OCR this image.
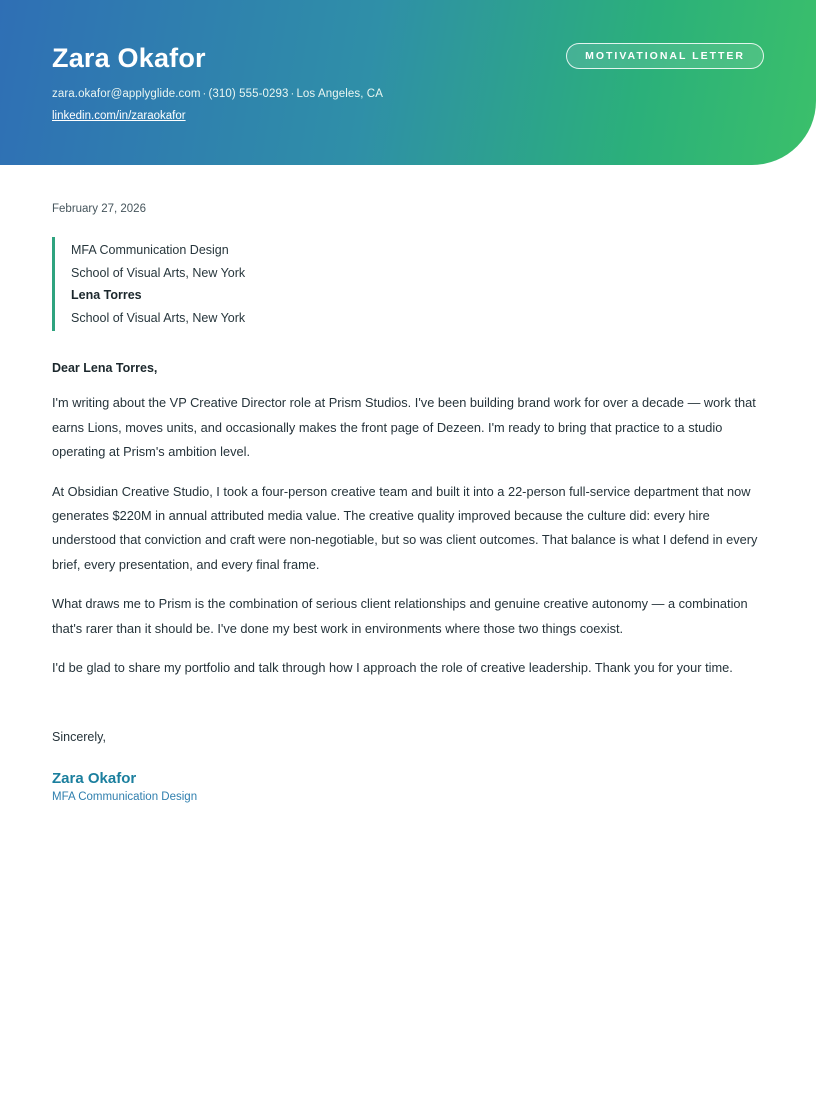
Zara Okafor
zara.okafor@applyglide.com · (310) 555-0293 · Los Angeles, CA
linkedin.com/in/zaraokafor
MOTIVATIONAL LETTER
February 27, 2026
MFA Communication Design
School of Visual Arts, New York
Lena Torres
School of Visual Arts, New York
Dear Lena Torres,

I'm writing about the VP Creative Director role at Prism Studios. I've been building brand work for over a decade — work that earns Lions, moves units, and occasionally makes the front page of Dezeen. I'm ready to bring that practice to a studio operating at Prism's ambition level.

At Obsidian Creative Studio, I took a four-person creative team and built it into a 22-person full-service department that now generates $220M in annual attributed media value. The creative quality improved because the culture did: every hire understood that conviction and craft were non-negotiable, but so was client outcomes. That balance is what I defend in every brief, every presentation, and every final frame.

What draws me to Prism is the combination of serious client relationships and genuine creative autonomy — a combination that's rarer than it should be. I've done my best work in environments where those two things coexist.

I'd be glad to share my portfolio and talk through how I approach the role of creative leadership. Thank you for your time.

Sincerely,
Zara Okafor
MFA Communication Design
